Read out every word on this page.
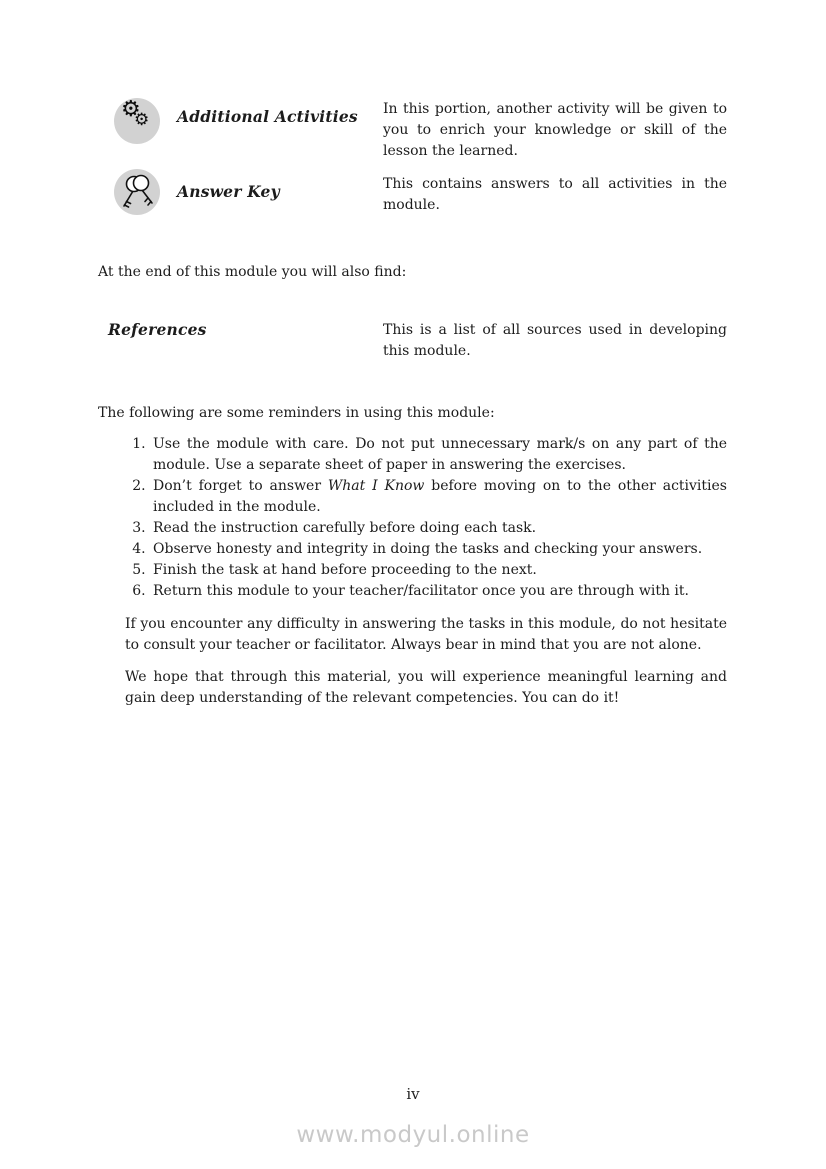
⚙
⚙ Additional Activities	In this portion, another activity will be given to you to enrich your knowledge or skill of the lesson the learned.
Answer Key	This contains answers to all activities in the module.
At the end of this module you will also find:
References	This is a list of all sources used in developing this module.
The following are some reminders in using this module:
1. Use the module with care. Do not put unnecessary mark/s on any part of the module. Use a separate sheet of paper in answering the exercises.
2. Don’t forget to answer What I Know before moving on to the other activities included in the module.
3. Read the instruction carefully before doing each task.
4. Observe honesty and integrity in doing the tasks and checking your answers.
5. Finish the task at hand before proceeding to the next.
6. Return this module to your teacher/facilitator once you are through with it.

If you encounter any difficulty in answering the tasks in this module, do not hesitate to consult your teacher or facilitator. Always bear in mind that you are not alone.

We hope that through this material, you will experience meaningful learning and gain deep understanding of the relevant competencies. You can do it!

iv
www.modyul.online
